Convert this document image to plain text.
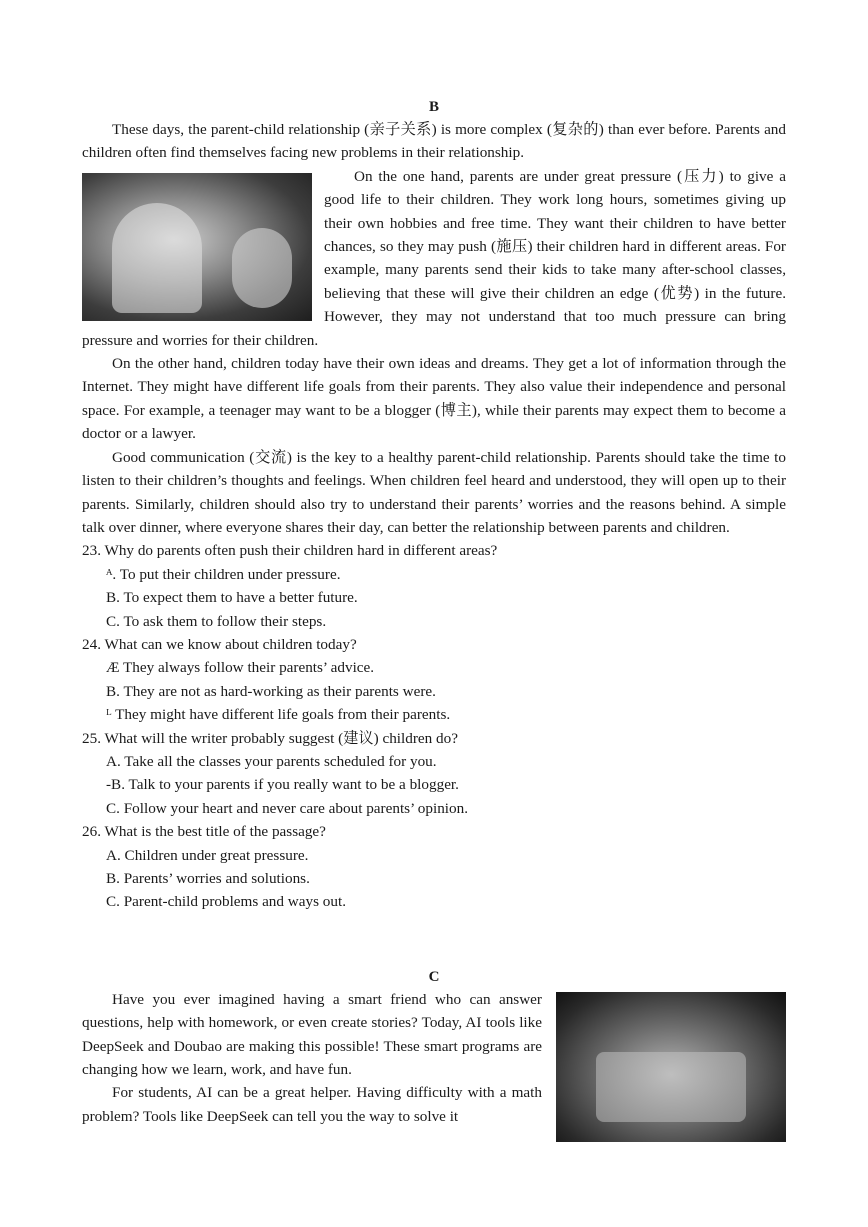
B

These days, the parent-child relationship (亲子关系) is more complex (复杂的) than ever before. Parents and children often find themselves facing new problems in their relationship.

On the one hand, parents are under great pressure (压力) to give a good life to their children. They work long hours, sometimes giving up their own hobbies and free time. They want their children to have better chances, so they may push (施压) their children hard in different areas. For example, many parents send their kids to take many after-school classes, believing that these will give their children an edge (优势) in the future. However, they may not understand that too much pressure can bring pressure and worries for their children.

On the other hand, children today have their own ideas and dreams. They get a lot of information through the Internet. They might have different life goals from their parents. They also value their independence and personal space. For example, a teenager may want to be a blogger (博主), while their parents may expect them to become a doctor or a lawyer.

Good communication (交流) is the key to a healthy parent-child relationship. Parents should take the time to listen to their children’s thoughts and feelings. When children feel heard and understood, they will open up to their parents. Similarly, children should also try to understand their parents’ worries and the reasons behind. A simple talk over dinner, where everyone shares their day, can better the relationship between parents and children.

23. Why do parents often push their children hard in different areas?

ᴬ. To put their children under pressure.

B. To expect them to have a better future.

C. To ask them to follow their steps.

24. What can we know about children today?

Æ They always follow their parents’ advice.

B. They are not as hard-working as their parents were.

ᴸ They might have different life goals from their parents.

25. What will the writer probably suggest (建议) children do?

A. Take all the classes your parents scheduled for you.

-B. Talk to your parents if you really want to be a blogger.

C. Follow your heart and never care about parents’ opinion.

26. What is the best title of the passage?

A. Children under great pressure.

B. Parents’ worries and solutions.

C. Parent-child problems and ways out.

C

Have you ever imagined having a smart friend who can answer questions, help with homework, or even create stories? Today, AI tools like DeepSeek and Doubao are making this possible! These smart programs are changing how we learn, work, and have fun.

For students, AI can be a great helper. Having difficulty with a math problem? Tools like DeepSeek can tell you the way to solve it
